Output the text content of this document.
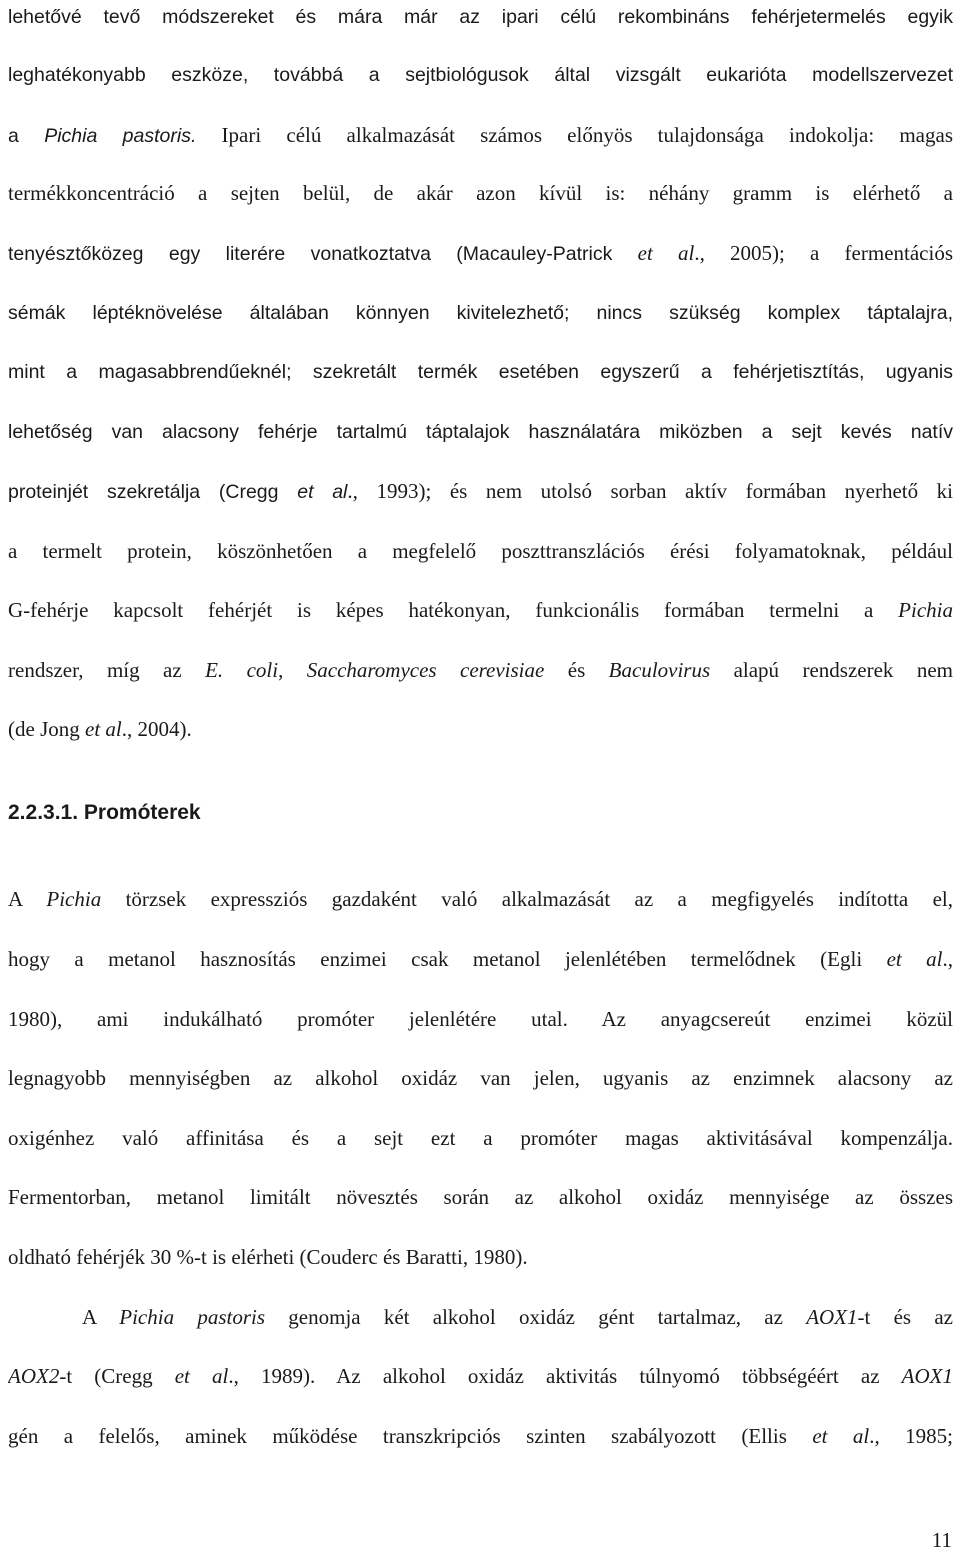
lehetővé tevő módszereket és mára már az ipari célú rekombináns fehérjetermelés egyik
leghatékonyabb eszköze, továbbá a sejtbiológusok által vizsgált eukarióta modellszervezet
a Pichia pastoris. Ipari célú alkalmazását számos előnyös tulajdonsága indokolja: magas
termékkoncentráció a sejten belül, de akár azon kívül is: néhány gramm is elérhető a
tenyésztőközeg egy literére vonatkoztatva (Macauley-Patrick et al., 2005); a fermentációs
sémák léptéknövelése általában könnyen kivitelezhető; nincs szükség komplex táptalajra,
mint a magasabbrendűeknél; szekretált termék esetében egyszerű a fehérjetisztítás, ugyanis
lehetőség van alacsony fehérje tartalmú táptalajok használatára miközben a sejt kevés natív
proteinjét szekretálja (Cregg et al., 1993); és nem utolsó sorban aktív formában nyerhető ki
a termelt protein, köszönhetően a megfelelő poszttranszlációs érési folyamatoknak, például
G-fehérje kapcsolt fehérjét is képes hatékonyan, funkcionális formában termelni a Pichia
rendszer, míg az E. coli, Saccharomyces cerevisiae és Baculovirus alapú rendszerek nem
(de Jong et al., 2004).
2.2.3.1. Promóterek
A Pichia törzsek expressziós gazdaként való alkalmazását az a megfigyelés indította el,
hogy a metanol hasznosítás enzimei csak metanol jelenlétében termelődnek (Egli et al.,
1980), ami indukálható promóter jelenlétére utal. Az anyagcsereút enzimei közül
legnagyobb mennyiségben az alkohol oxidáz van jelen, ugyanis az enzimnek alacsony az
oxigénhez való affinitása és a sejt ezt a promóter magas aktivitásával kompenzálja.
Fermentorban, metanol limitált növesztés során az alkohol oxidáz mennyisége az összes
oldható fehérjék 30 %-t is elérheti (Couderc és Baratti, 1980).
A Pichia pastoris genomja két alkohol oxidáz gént tartalmaz, az AOX1-t és az
AOX2-t (Cregg et al., 1989). Az alkohol oxidáz aktivitás túlnyomó többségéért az AOX1
gén a felelős, aminek működése transzkripciós szinten szabályozott (Ellis et al., 1985;
11
